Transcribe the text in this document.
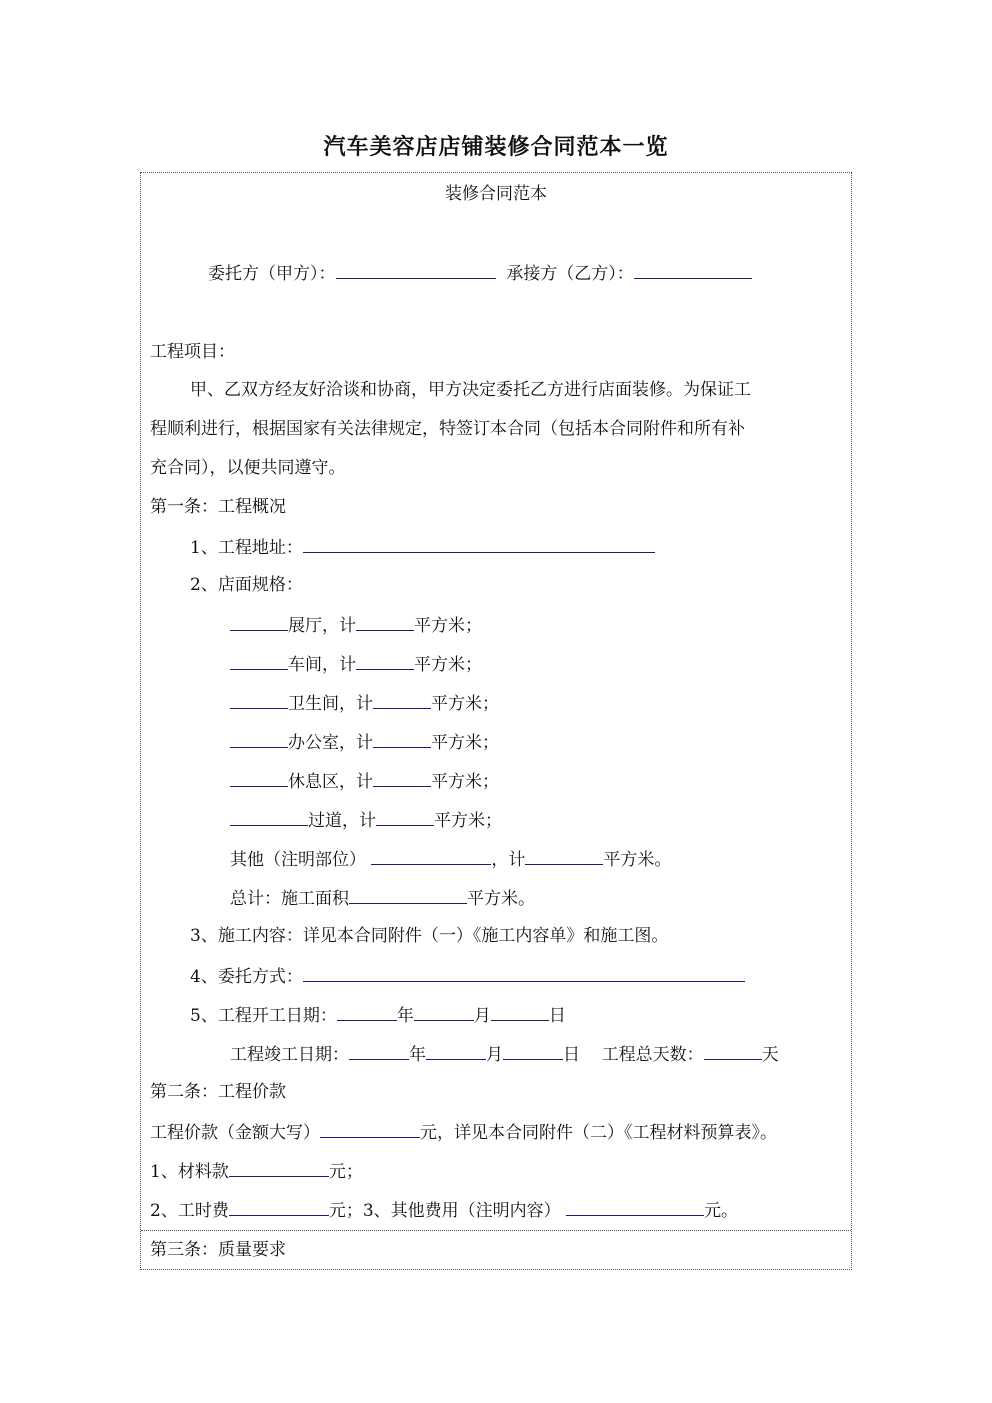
汽车美容店店铺装修合同范本一览
装修合同范本
委托方（甲方）：	承接方（乙方）：
工程项目：
甲、乙双方经友好洽谈和协商，甲方决定委托乙方进行店面装修。为保证工
程顺利进行，根据国家有关法律规定，特签订本合同（包括本合同附件和所有补
充合同），以便共同遵守。
第一条：工程概况
1、工程地址：
2、店面规格：
展厅，计	平方米；
车间，计	平方米；
卫生间，计	平方米；
办公室，计	平方米；
休息区，计	平方米；
过道，计	平方米；
其他（注明部位）	，计	平方米。
总计：施工面积	平方米。
3、施工内容：详见本合同附件（一）《施工内容单》和施工图。
4、委托方式：
5、工程开工日期：	年	月	日
工程竣工日期：	年	月	日 工程总天数：	天
第二条：工程价款
工程价款（金额大写）	元，详见本合同附件（二）《工程材料预算表》。
1、材料款	元；
2、工时费	元；3、其他费用（注明内容）	元。
第三条：质量要求
